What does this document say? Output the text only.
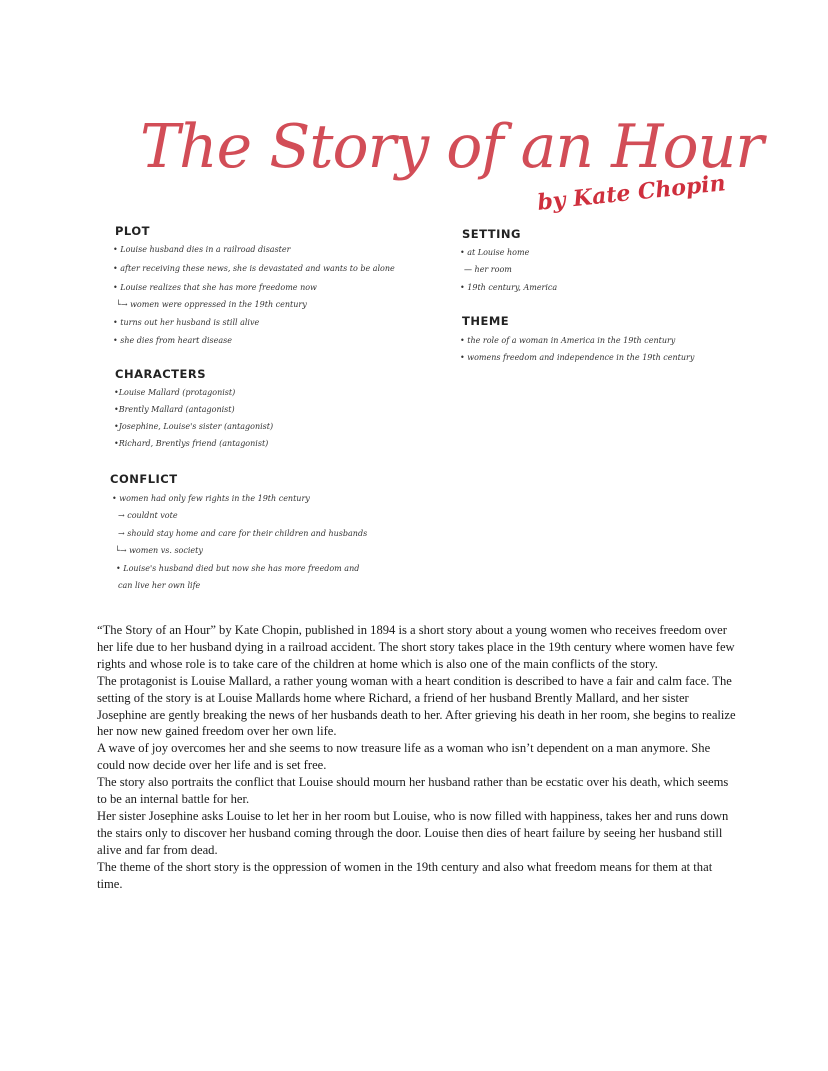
The Story of an Hour
by Kate Chopin
PLOT
• Louise husband dies in a railroad disaster
• after receiving these news, she is devastated and wants to be alone
• Louise realizes that she has more freedome now
└→ women were oppressed in the 19th century
• turns out her husband is still alive
• she dies from heart disease
SETTING
• at Louise home
— her room
• 19th century, America
THEME
• the role of a woman in America in the 19th century
• womens freedom and independence in the 19th century
CHARACTERS
•Louise Mallard (protagonist)
•Brently Mallard (antagonist)
•Josephine, Louise's sister (antagonist)
•Richard, Brentlys friend (antagonist)
CONFLICT
• women had only few rights in the 19th century
→ couldnt vote
→ should stay home and care for their children and husbands
└→ women vs. society
• Louise's husband died but now she has more freedom and
can live her own life

“The Story of an Hour” by Kate Chopin, published in 1894 is a short story about a young women who receives freedom over her life due to her husband dying in a railroad accident. The short story takes place in the 19th century where women have few rights and whose role is to take care of the children at home which is also one of the main conflicts of the story.

The protagonist is Louise Mallard, a rather young woman with a heart condition is described to have a fair and calm face. The setting of the story is at Louise Mallards home where Richard, a friend of her husband Brently Mallard, and her sister Josephine are gently breaking the news of her husbands death to her. After grieving his death in her room, she begins to realize her now new gained freedom over her own life.

A wave of joy overcomes her and she seems to now treasure life as a woman who isn’t dependent on a man anymore. She could now decide over her life and is set free.

The story also portraits the conflict that Louise should mourn her husband rather than be ecstatic over his death, which seems to be an internal battle for her.

Her sister Josephine asks Louise to let her in her room but Louise, who is now filled with happiness, takes her and runs down the stairs only to discover her husband coming through the door. Louise then dies of heart failure by seeing her husband still alive and far from dead.

The theme of the short story is the oppression of women in the 19th century and also what freedom means for them at that time.
